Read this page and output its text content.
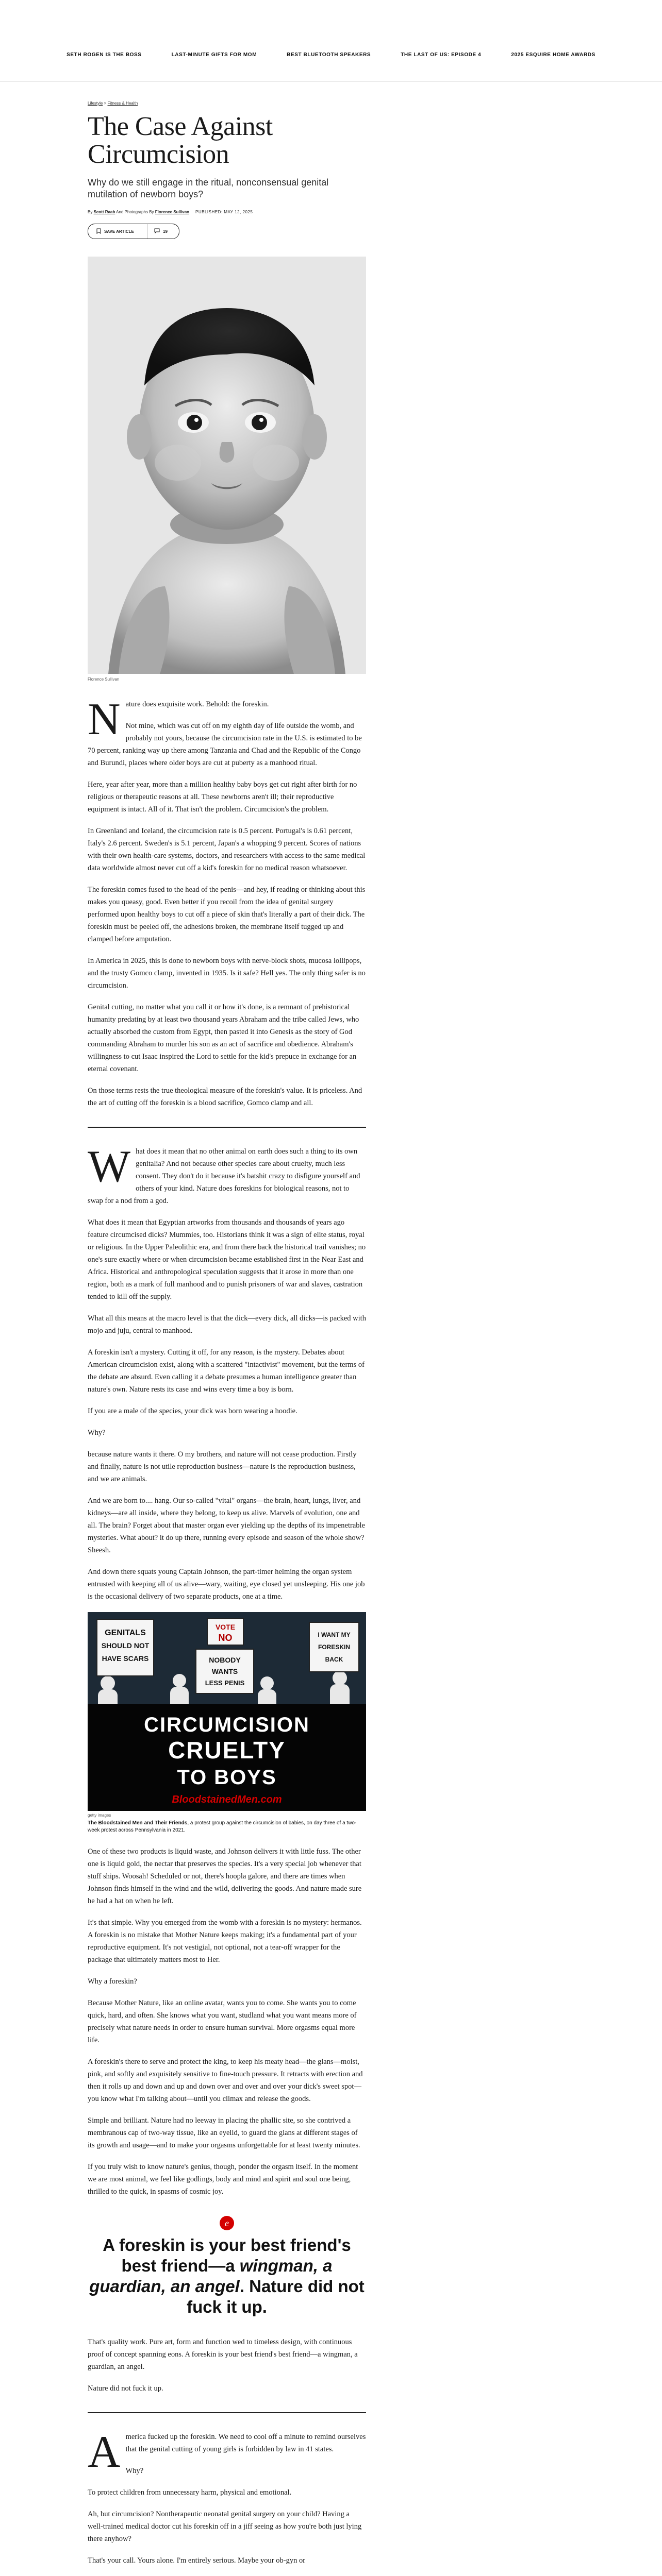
SETH ROGEN IS THE BOSS	LAST-MINUTE GIFTS FOR MOM	BEST BLUETOOTH SPEAKERS	THE LAST OF US: EPISODE 4	2025 ESQUIRE HOME AWARDS
Lifestyle > Fitness & Health
The Case Against Circumcision
Why do we still engage in the ritual, nonconsensual genital mutilation of newborn boys?
By Scott Raab And Photographs By Florence Sullivan PUBLISHED: MAY 12, 2025
SAVE ARTICLE	19
Florence Sullivan

N ature does exquisite work. Behold: the foreskin.

Not mine, which was cut off on my eighth day of life outside the womb, and probably not yours, because the circumcision rate in the U.S. is estimated to be 70 percent, ranking way up there among Tanzania and Chad and the Republic of the Congo and Burundi, places where older boys are cut at puberty as a manhood ritual.

Here, year after year, more than a million healthy baby boys get cut right after birth for no religious or therapeutic reasons at all. These newborns aren't ill; their reproductive equipment is intact. All of it. That isn't the problem. Circumcision's the problem.

In Greenland and Iceland, the circumcision rate is 0.5 percent. Portugal's is 0.61 percent, Italy's 2.6 percent. Sweden's is 5.1 percent, Japan's a whopping 9 percent. Scores of nations with their own health-care systems, doctors, and researchers with access to the same medical data worldwide almost never cut off a kid's foreskin for no medical reason whatsoever.

The foreskin comes fused to the head of the penis—and hey, if reading or thinking about this makes you queasy, good. Even better if you recoil from the idea of genital surgery performed upon healthy boys to cut off a piece of skin that's literally a part of their dick. The foreskin must be peeled off, the adhesions broken, the membrane itself tugged up and clamped before amputation.

In America in 2025, this is done to newborn boys with nerve-block shots, mucosa lollipops, and the trusty Gomco clamp, invented in 1935. Is it safe? Hell yes. The only thing safer is no circumcision.

Genital cutting, no matter what you call it or how it's done, is a remnant of prehistorical humanity predating by at least two thousand years Abraham and the tribe called Jews, who actually absorbed the custom from Egypt, then pasted it into Genesis as the story of God commanding Abraham to murder his son as an act of sacrifice and obedience. Abraham's willingness to cut Isaac inspired the Lord to settle for the kid's prepuce in exchange for an eternal covenant.

On those terms rests the true theological measure of the foreskin's value. It is priceless. And the art of cutting off the foreskin is a blood sacrifice, Gomco clamp and all.

W hat does it mean that no other animal on earth does such a thing to its own genitalia? And not because other species care about cruelty, much less consent. They don't do it because it's batshit crazy to disfigure yourself and others of your kind. Nature does foreskins for biological reasons, not to swap for a nod from a god.

What does it mean that Egyptian artworks from thousands and thousands of years ago feature circumcised dicks? Mummies, too. Historians think it was a sign of elite status, royal or religious. In the Upper Paleolithic era, and from there back the historical trail vanishes; no one's sure exactly where or when circumcision became established first in the Near East and Africa. Historical and anthropological speculation suggests that it arose in more than one region, both as a mark of full manhood and to punish prisoners of war and slaves, castration tended to kill off the supply.

What all this means at the macro level is that the dick—every dick, all dicks—is packed with mojo and juju, central to manhood.

A foreskin isn't a mystery. Cutting it off, for any reason, is the mystery. Debates about American circumcision exist, along with a scattered "intactivist" movement, but the terms of the debate are absurd. Even calling it a debate presumes a human intelligence greater than nature's own. Nature rests its case and wins every time a boy is born.

If you are a male of the species, your dick was born wearing a hoodie.

Why?

because nature wants it there. O my brothers, and nature will not cease production. Firstly and finally, nature is not utile reproduction business—nature is the reproduction business, and we are animals.

And we are born to.... hang. Our so-called "vital" organs—the brain, heart, lungs, liver, and kidneys—are all inside, where they belong, to keep us alive. Marvels of evolution, one and all. The brain? Forget about that master organ ever yielding up the depths of its impenetrable mysteries. What about? it do up there, running every episode and season of the whole show? Sheesh.

And down there squats young Captain Johnson, the part-timer helming the organ system entrusted with keeping all of us alive—wary, waiting, eye closed yet unsleeping. His one job is the occasional delivery of two separate products, one at a time.

GENITALS
SHOULD NOT
HAVE SCARS
VOTE
NO
NOBODY
WANTS
LESS PENIS
I WANT MY
FORESKIN
BACK
CIRCUMCISION
CRUELTY
TO BOYS
BloodstainedMen.com
getty images
The Bloodstained Men and Their Friends, a protest group against the circumcision of babies, on day three of a two-week protest across Pennsylvania in 2021.

One of these two products is liquid waste, and Johnson delivers it with little fuss. The other one is liquid gold, the nectar that preserves the species. It's a very special job whenever that stuff ships. Woosah! Scheduled or not, there's hoopla galore, and there are times when Johnson finds himself in the wind and the wild, delivering the goods. And nature made sure he had a hat on when he left.

It's that simple. Why you emerged from the womb with a foreskin is no mystery: hermanos. A foreskin is no mistake that Mother Nature keeps making; it's a fundamental part of your reproductive equipment. It's not vestigial, not optional, not a tear-off wrapper for the package that ultimately matters most to Her.

Why a foreskin?

Because Mother Nature, like an online avatar, wants you to come. She wants you to come quick, hard, and often. She knows what you want, studland what you want means more of precisely what nature needs in order to ensure human survival. More orgasms equal more life.

A foreskin's there to serve and protect the king, to keep his meaty head—the glans—moist, pink, and softly and exquisitely sensitive to fine-touch pressure. It retracts with erection and then it rolls up and down and up and down over and over and over your dick's sweet spot—you know what I'm talking about—until you climax and release the goods.

Simple and brilliant. Nature had no leeway in placing the phallic site, so she contrived a membranous cap of two-way tissue, like an eyelid, to guard the glans at different stages of its growth and usage—and to make your orgasms unforgettable for at least twenty minutes.

If you truly wish to know nature's genius, though, ponder the orgasm itself. In the moment we are most animal, we feel like godlings, body and mind and spirit and soul one being, thrilled to the quick, in spasms of cosmic joy.

e
A foreskin is your best friend's best friend—a wingman, a guardian, an angel. Nature did not fuck it up.

That's quality work. Pure art, form and function wed to timeless design, with continuous proof of concept spanning eons. A foreskin is your best friend's best friend—a wingman, a guardian, an angel.

Nature did not fuck it up.

A merica fucked up the foreskin. We need to cool off a minute to remind ourselves that the genital cutting of young girls is forbidden by law in 41 states.

Why?

To protect children from unnecessary harm, physical and emotional.

Ah, but circumcision? Nontherapeutic neonatal genital surgery on your child? Having a well-trained medical doctor cut his foreskin off in a jiff seeing as how you're both just lying there anyhow?

That's your call. Yours alone. I'm entirely serious. Maybe your ob-gyn or
